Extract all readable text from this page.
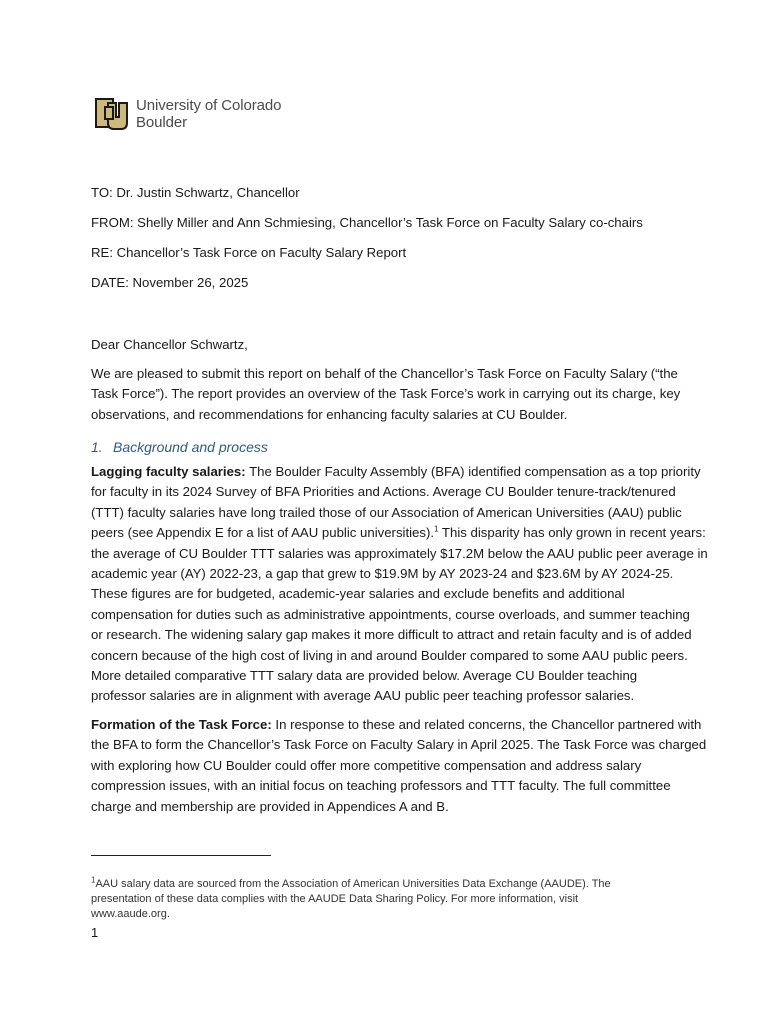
University of Colorado
Boulder
TO: Dr. Justin Schwartz, Chancellor
FROM: Shelly Miller and Ann Schmiesing, Chancellor’s Task Force on Faculty Salary co-chairs
RE: Chancellor’s Task Force on Faculty Salary Report
DATE: November 26, 2025
Dear Chancellor Schwartz,
We are pleased to submit this report on behalf of the Chancellor’s Task Force on Faculty Salary (“the
Task Force”). The report provides an overview of the Task Force’s work in carrying out its charge, key
observations, and recommendations for enhancing faculty salaries at CU Boulder.
1. Background and process
Lagging faculty salaries: The Boulder Faculty Assembly (BFA) identified compensation as a top priority
for faculty in its 2024 Survey of BFA Priorities and Actions. Average CU Boulder tenure-track/tenured
(TTT) faculty salaries have long trailed those of our Association of American Universities (AAU) public
peers (see Appendix E for a list of AAU public universities).$^1$ This disparity has only grown in recent years:
the average of CU Boulder TTT salaries was approximately $17.2M below the AAU public peer average in
academic year (AY) 2022-23, a gap that grew to $19.9M by AY 2023-24 and $23.6M by AY 2024-25.
These figures are for budgeted, academic-year salaries and exclude benefits and additional
compensation for duties such as administrative appointments, course overloads, and summer teaching
or research. The widening salary gap makes it more difficult to attract and retain faculty and is of added
concern because of the high cost of living in and around Boulder compared to some AAU public peers.
More detailed comparative TTT salary data are provided below. Average CU Boulder teaching
professor salaries are in alignment with average AAU public peer teaching professor salaries.
Formation of the Task Force: In response to these and related concerns, the Chancellor partnered with
the BFA to form the Chancellor’s Task Force on Faculty Salary in April 2025. The Task Force was charged
with exploring how CU Boulder could offer more competitive compensation and address salary
compression issues, with an initial focus on teaching professors and TTT faculty. The full committee
charge and membership are provided in Appendices A and B.
$^1$AAU salary data are sourced from the Association of American Universities Data Exchange (AAUDE). The
presentation of these data complies with the AAUDE Data Sharing Policy. For more information, visit
www.aaude.org.
1
